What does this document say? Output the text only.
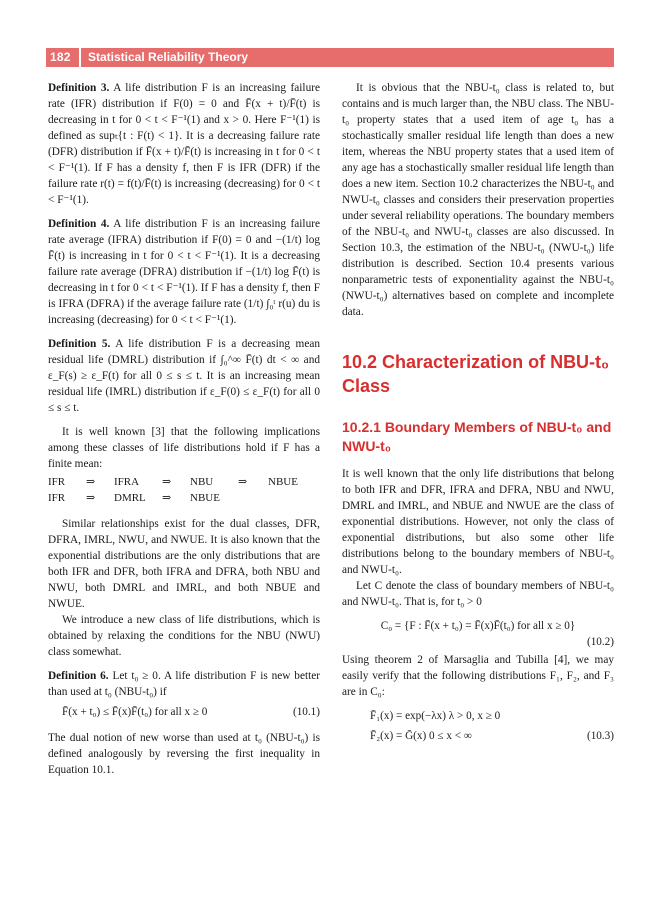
182 Statistical Reliability Theory

Definition 3. A life distribution F is an increasing failure rate (IFR) distribution if F(0) = 0 and F̄(x + t)/F̄(t) is decreasing in t for 0 < t < F⁻¹(1) and x > 0. Here F⁻¹(1) is defined as supₜ{t : F(t) < 1}. It is a decreasing failure rate (DFR) distribution if F̄(x + t)/F̄(t) is increasing in t for 0 < t < F⁻¹(1). If F has a density f, then F is IFR (DFR) if the failure rate r(t) = f(t)/F̄(t) is increasing (decreasing) for 0 < t < F⁻¹(1).

Definition 4. A life distribution F is an increasing failure rate average (IFRA) distribution if F(0) = 0 and −(1/t) log F̄(t) is increasing in t for 0 < t < F⁻¹(1). It is a decreasing failure rate average (DFRA) distribution if −(1/t) log F̄(t) is decreasing in t for 0 < t < F⁻¹(1). If F has a density f, then F is IFRA (DFRA) if the average failure rate (1/t) ∫₀ᵗ r(u) du is increasing (decreasing) for 0 < t < F⁻¹(1).

Definition 5. A life distribution F is a decreasing mean residual life (DMRL) distribution if ∫₀^∞ F̄(t) dt < ∞ and ε_F(s) ≥ ε_F(t) for all 0 ≤ s ≤ t. It is an increasing mean residual life (IMRL) distribution if ε_F(0) ≤ ε_F(t) for all 0 ≤ s ≤ t.

It is well known [3] that the following implications among these classes of life distributions hold if F has a finite mean:

IFR	⇒	IFRA	⇒	NBU	⇒	NBUE
IFR	⇒	DMRL	⇒	NBUE

Similar relationships exist for the dual classes, DFR, DFRA, IMRL, NWU, and NWUE. It is also known that the exponential distributions are the only distributions that are both IFR and DFR, both IFRA and DFRA, both NBU and NWU, both DMRL and IMRL, and both NBUE and NWUE.

We introduce a new class of life distributions, which is obtained by relaxing the conditions for the NBU (NWU) class somewhat.

Definition 6. Let t₀ ≥ 0. A life distribution F is new better than used at t₀ (NBU-t₀) if

F̄(x + t₀) ≤ F̄(x)F̄(t₀) for all x ≥ 0	(10.1)

The dual notion of new worse than used at t₀ (NBU-t₀) is defined analogously by reversing the first inequality in Equation 10.1.

It is obvious that the NBU-t₀ class is related to, but contains and is much larger than, the NBU class. The NBU-t₀ property states that a used item of age t₀ has a stochastically smaller residual life length than does a new item, whereas the NBU property states that a used item of any age has a stochastically smaller residual life length than does a new item. Section 10.2 characterizes the NBU-t₀ and NWU-t₀ classes and considers their preservation properties under several reliability operations. The boundary members of the NBU-t₀ and NWU-t₀ classes are also discussed. In Section 10.3, the estimation of the NBU-t₀ (NWU-t₀) life distribution is described. Section 10.4 presents various nonparametric tests of exponentiality against the NBU-t₀ (NWU-t₀) alternatives based on complete and incomplete data.

10.2 Characterization of NBU-t₀ Class
10.2.1 Boundary Members of NBU-t₀ and NWU-t₀

It is well known that the only life distributions that belong to both IFR and DFR, IFRA and DFRA, NBU and NWU, DMRL and IMRL, and NBUE and NWUE are the class of exponential distributions. However, not only the class of exponential distributions, but also some other life distributions belong to the boundary members of NBU-t₀ and NWU-t₀.

Let C denote the class of boundary members of NBU-t₀ and NWU-t₀. That is, for t₀ > 0

C₀ = {F : F̄(x + t₀) = F̄(x)F̄(t₀) for all x ≥ 0}
(10.2)

Using theorem 2 of Marsaglia and Tubilla [4], we may easily verify that the following distributions F₁, F₂, and F₃ are in C₀:

F̄₁(x) = exp(−λx) λ > 0, x ≥ 0
F̄₂(x) = Ḡ(x) 0 ≤ x < ∞	(10.3)
